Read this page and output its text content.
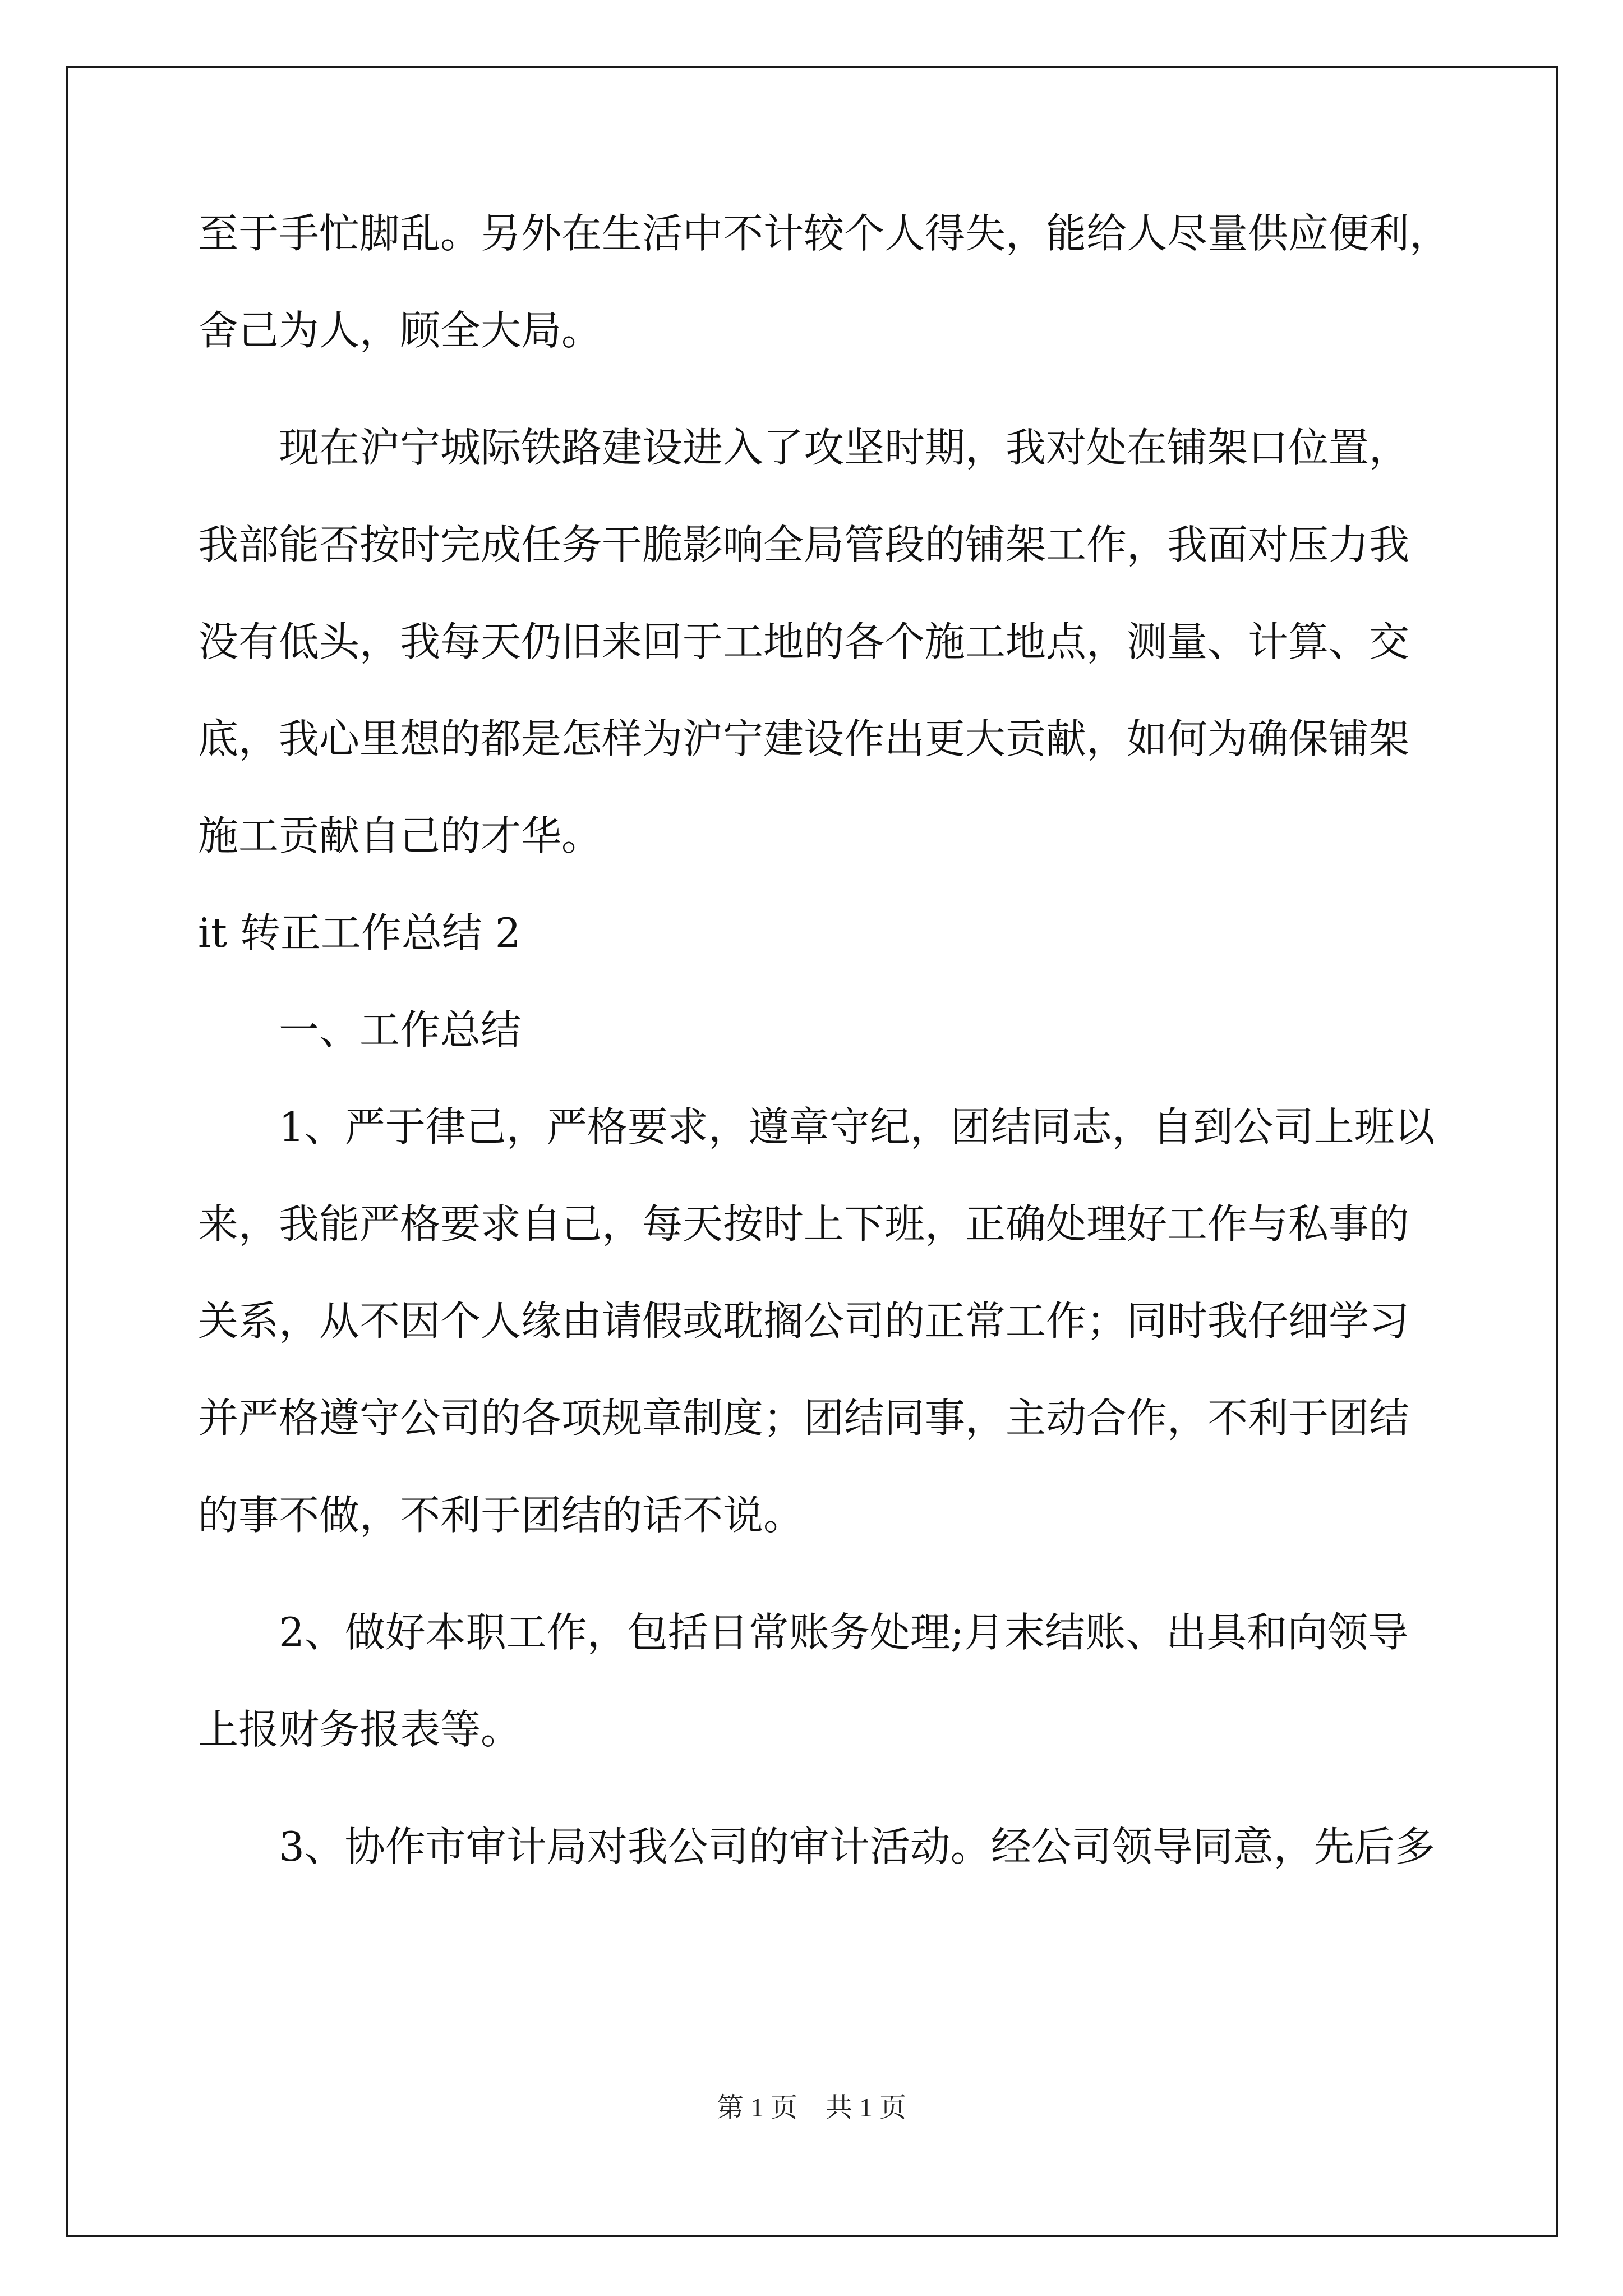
至于手忙脚乱。另外在生活中不计较个人得失，能给人尽量供应便利，

舍己为人，顾全大局。

现在沪宁城际铁路建设进入了攻坚时期，我对处在铺架口位置，

我部能否按时完成任务干脆影响全局管段的铺架工作，我面对压力我

没有低头，我每天仍旧来回于工地的各个施工地点，测量、计算、交

底，我心里想的都是怎样为沪宁建设作出更大贡献，如何为确保铺架

施工贡献自己的才华。

it 转正工作总结 2

一、工作总结

1、严于律己，严格要求，遵章守纪，团结同志，自到公司上班以

来，我能严格要求自己，每天按时上下班，正确处理好工作与私事的

关系，从不因个人缘由请假或耽搁公司的正常工作；同时我仔细学习

并严格遵守公司的各项规章制度；团结同事，主动合作，不利于团结

的事不做，不利于团结的话不说。

2、做好本职工作，包括日常账务处理;月末结账、出具和向领导

上报财务报表等。

3、协作市审计局对我公司的审计活动。经公司领导同意，先后多

第 1 页 共 1 页
